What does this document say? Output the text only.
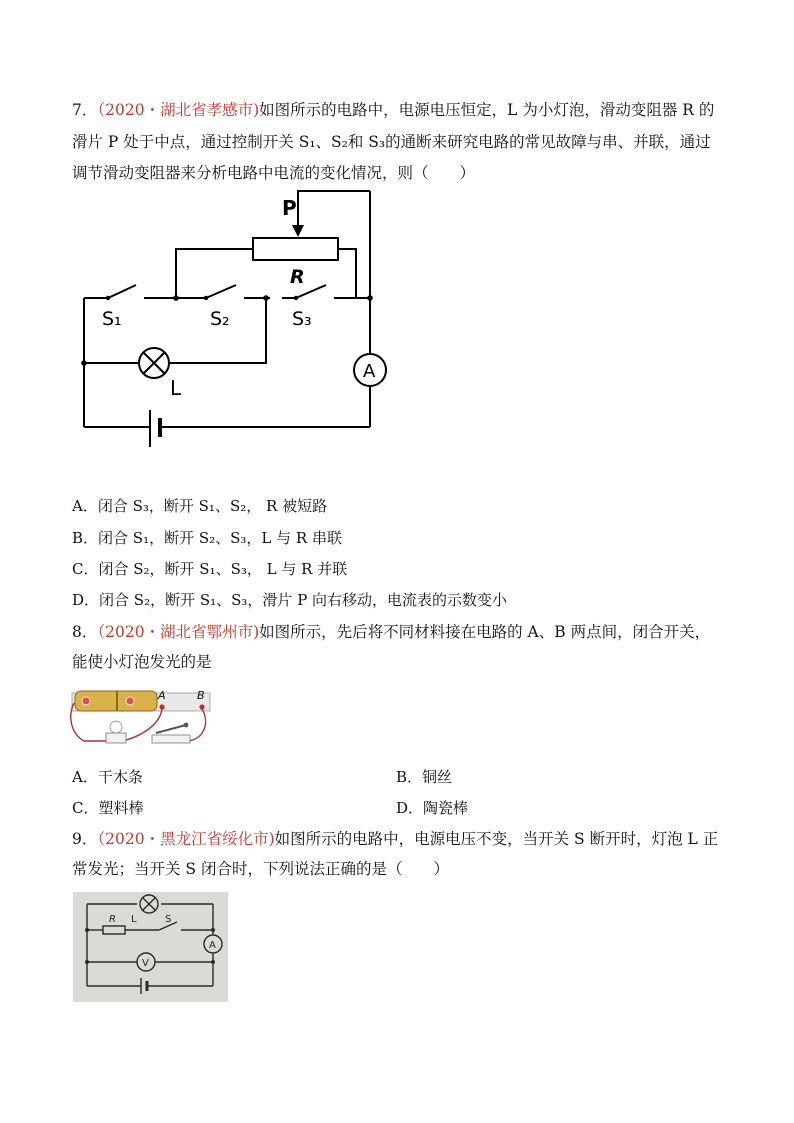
7．（2020・湖北省孝感市)如图所示的电路中，电源电压恒定，L 为小灯泡，滑动变阻器 R 的
滑片 P 处于中点，通过控制开关 S₁、S₂和 S₃的通断来研究电路的常见故障与串、并联，通过
调节滑动变阻器来分析电路中电流的变化情况，则（　　）
P
R
S₁	S₂	S₃
L
A
A．闭合 S₃，断开 S₁、S₂， R 被短路
B．闭合 S₁，断开 S₂、S₃，L 与 R 串联
C．闭合 S₂，断开 S₁、S₃， L 与 R 并联
D．闭合 S₂，断开 S₁、S₃，滑片 P 向右移动，电流表的示数变小
8．（2020・湖北省鄂州市)如图所示，先后将不同材料接在电路的 A、B 两点间，闭合开关，
能使小灯泡发光的是
A	B
A．干木条	B．铜丝
C．塑料棒	D．陶瓷棒
9．（2020・黑龙江省绥化市)如图所示的电路中，电源电压不变，当开关 S 断开时，灯泡 L 正
常发光；当开关 S 闭合时，下列说法正确的是（　　）
R L	S
A
V
